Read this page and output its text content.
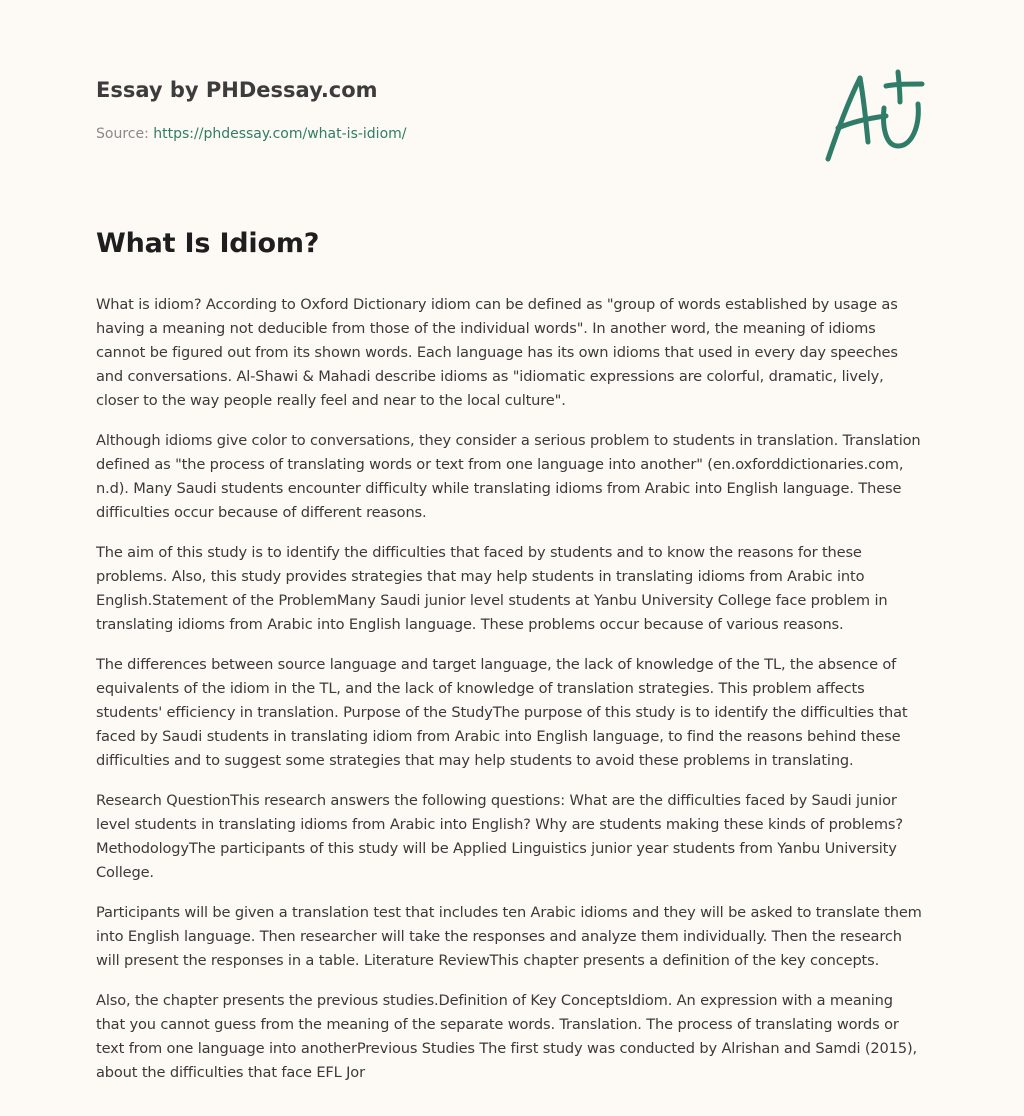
Essay by PHDessay.com
Source: https://phdessay.com/what-is-idiom/
What Is Idiom?

What is idiom? According to Oxford Dictionary idiom can be defined as "group of words established by usage as having a meaning not deducible from those of the individual words". In another word, the meaning of idioms cannot be figured out from its shown words. Each language has its own idioms that used in every day speeches and conversations. Al-Shawi & Mahadi describe idioms as "idiomatic expressions are colorful, dramatic, lively, closer to the way people really feel and near to the local culture".

Although idioms give color to conversations, they consider a serious problem to students in translation. Translation defined as "the process of translating words or text from one language into another" (en.oxforddictionaries.com, n.d). Many Saudi students encounter difficulty while translating idioms from Arabic into English language. These difficulties occur because of different reasons.

The aim of this study is to identify the difficulties that faced by students and to know the reasons for these problems. Also, this study provides strategies that may help students in translating idioms from Arabic into English.Statement of the ProblemMany Saudi junior level students at Yanbu University College face problem in translating idioms from Arabic into English language. These problems occur because of various reasons.

The differences between source language and target language, the lack of knowledge of the TL, the absence of equivalents of the idiom in the TL, and the lack of knowledge of translation strategies. This problem affects students' efficiency in translation. Purpose of the StudyThe purpose of this study is to identify the difficulties that faced by Saudi students in translating idiom from Arabic into English language, to find the reasons behind these difficulties and to suggest some strategies that may help students to avoid these problems in translating.

Research QuestionThis research answers the following questions: What are the difficulties faced by Saudi junior level students in translating idioms from Arabic into English? Why are students making these kinds of problems? MethodologyThe participants of this study will be Applied Linguistics junior year students from Yanbu University College.

Participants will be given a translation test that includes ten Arabic idioms and they will be asked to translate them into English language. Then researcher will take the responses and analyze them individually. Then the research will present the responses in a table. Literature ReviewThis chapter presents a definition of the key concepts.

Also, the chapter presents the previous studies.Definition of Key ConceptsIdiom. An expression with a meaning that you cannot guess from the meaning of the separate words. Translation. The process of translating words or text from one language into anotherPrevious Studies The first study was conducted by Alrishan and Samdi (2015), about the difficulties that face EFL Jor
